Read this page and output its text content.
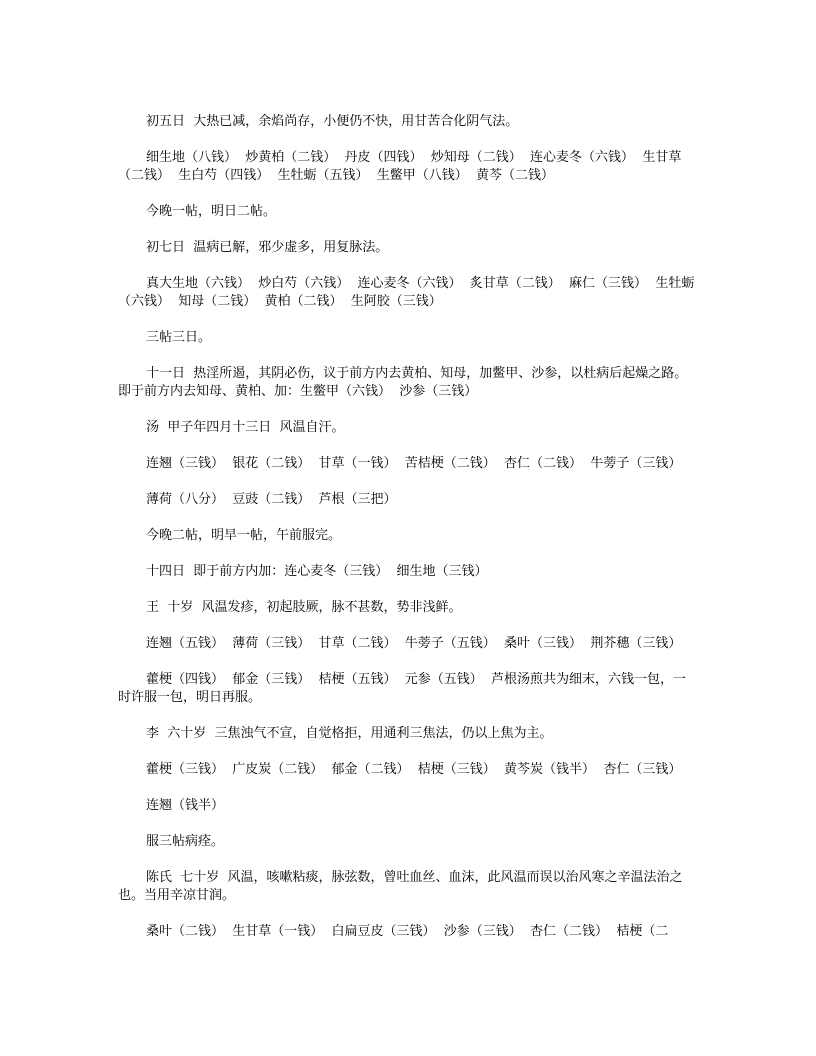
初五日  大热已减，余焰尚存，小便仍不快，用甘苦合化阴气法。

细生地（八钱）  炒黄柏（二钱）  丹皮（四钱）  炒知母（二钱）  连心麦冬（六钱）  生甘草（二钱）  生白芍（四钱）  生牡蛎（五钱）  生鳖甲（八钱）  黄芩（二钱）

今晚一帖，明日二帖。

初七日  温病已解，邪少虚多，用复脉法。

真大生地（六钱）  炒白芍（六钱）  连心麦冬（六钱）  炙甘草（二钱）  麻仁（三钱）  生牡蛎（六钱）  知母（二钱）  黄柏（二钱）  生阿胶（三钱）

三帖三日。

十一日  热淫所遏，其阴必伤，议于前方内去黄柏、知母，加鳖甲、沙参，以杜病后起燥之路。即于前方内去知母、黄柏、加：生鳖甲（六钱）  沙参（三钱）

汤  甲子年四月十三日  风温自汗。

连翘（三钱）  银花（二钱）  甘草（一钱）  苦桔梗（二钱）  杏仁（二钱）  牛蒡子（三钱）

薄荷（八分）  豆豉（二钱）  芦根（三把）

今晚二帖，明早一帖，午前服完。

十四日  即于前方内加：连心麦冬（三钱）  细生地（三钱）

王  十岁  风温发疹，初起肢厥，脉不甚数，势非浅鲜。

连翘（五钱）  薄荷（三钱）  甘草（二钱）  牛蒡子（五钱）  桑叶（三钱）  荆芥穗（三钱）

藿梗（四钱）  郁金（三钱）  桔梗（五钱）  元参（五钱）  芦根汤煎共为细末，六钱一包，一时许服一包，明日再服。

李  六十岁  三焦浊气不宣，自觉格拒，用通利三焦法，仍以上焦为主。

藿梗（三钱）  广皮炭（二钱）  郁金（二钱）  桔梗（三钱）  黄芩炭（钱半）  杏仁（三钱）

连翘（钱半）

服三帖病痊。

陈氏  七十岁  风温，咳嗽粘痰，脉弦数，曾吐血丝、血沫，此风温而误以治风寒之辛温法治之也。当用辛凉甘润。

桑叶（二钱）  生甘草（一钱）  白扁豆皮（三钱）  沙参（三钱）  杏仁（二钱）  桔梗（二
